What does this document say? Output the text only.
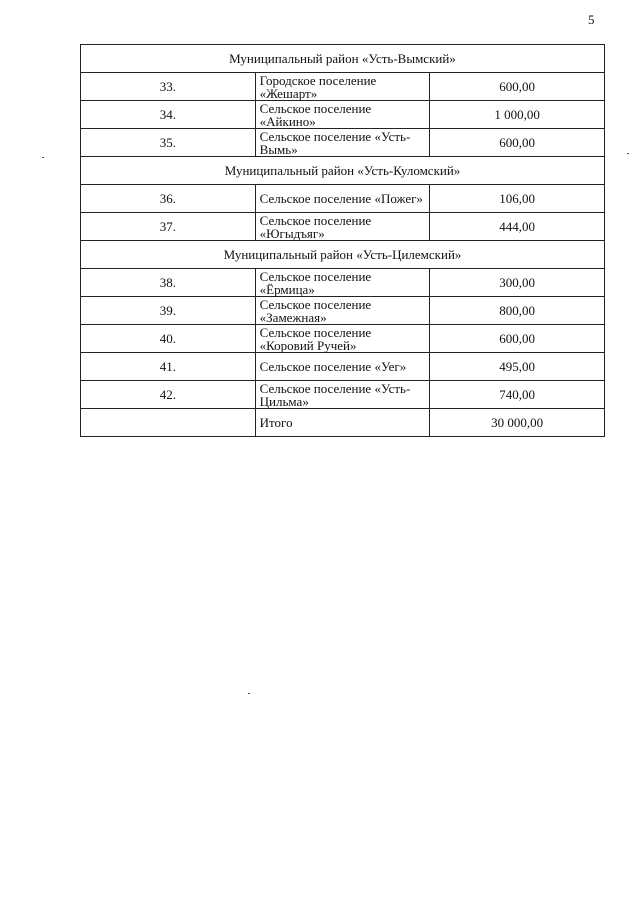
5
Муниципальный район «Усть-Вымский»		
33.	Городское поселение «Жешарт»	600,00
34.	Сельское поселение «Айкино»	1 000,00
35.	Сельское поселение «Усть-Вымь»	600,00
Муниципальный район «Усть-Куломский»		
36.	Сельское поселение «Пожег»	106,00
37.	Сельское поселение «Югыдъяг»	444,00
Муниципальный район «Усть-Цилемский»		
38.	Сельское поселение «Ёрмица»	300,00
39.	Сельское поселение «Замежная»	800,00
40.	Сельское поселение «Коровий Ручей»	600,00
41.	Сельское поселение «Уег»	495,00
42.	Сельское поселение «Усть-Цильма»	740,00
	Итого	30 000,00
